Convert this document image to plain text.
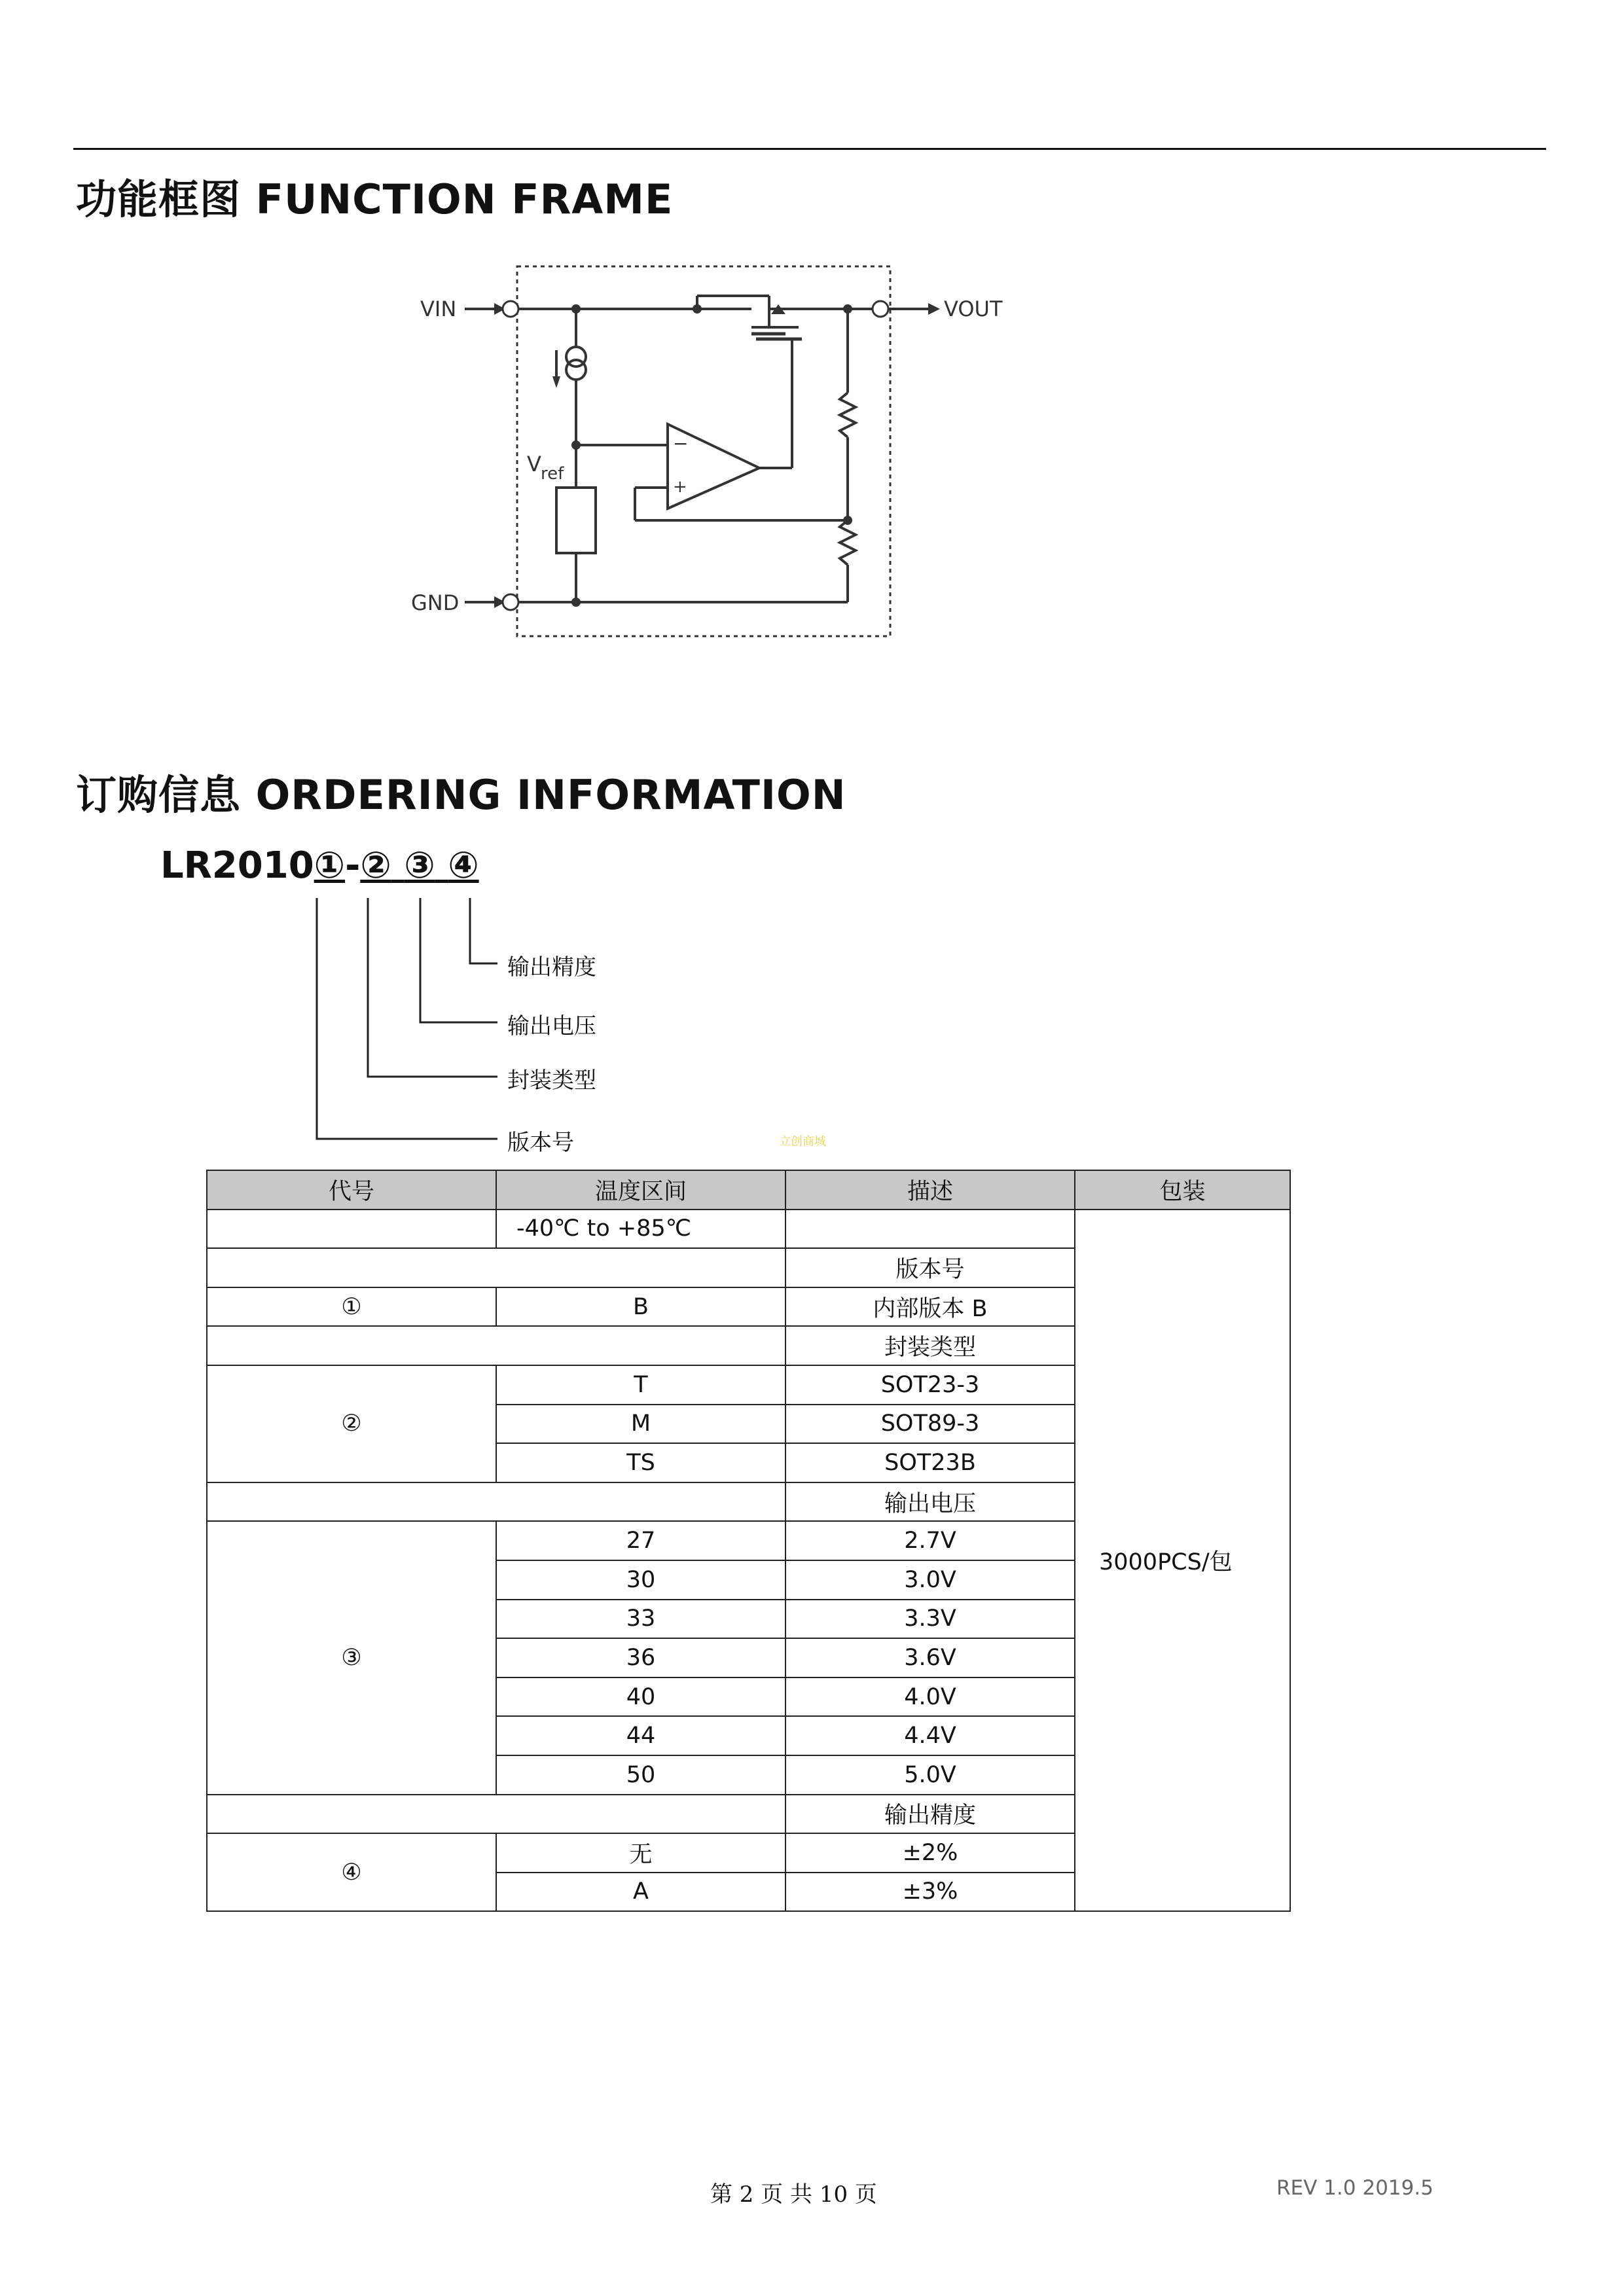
功能框图 FUNCTION FRAME
VIN	VOUT
GND
V ref
−
+
订购信息 ORDERING INFORMATION
LR2010①-② ③ ④
输出精度
输出电压
封装类型
版本号	立创商城
代号	温度区间	描述	包装
	-40℃ to +85℃		3000PCS/包
		版本号	
①	B	内部版本 B	
		封装类型	
②	T	SOT23-3	
	M	SOT89-3	
	TS	SOT23B	
		输出电压	
③	27	2.7V	
	30	3.0V	
	33	3.3V	
	36	3.6V	
	40	4.0V	
	44	4.4V	
	50	5.0V	
		输出精度	
④	无	±2%	
	A	±3%	
第 2 页 共 10 页	REV 1.0 2019.5
